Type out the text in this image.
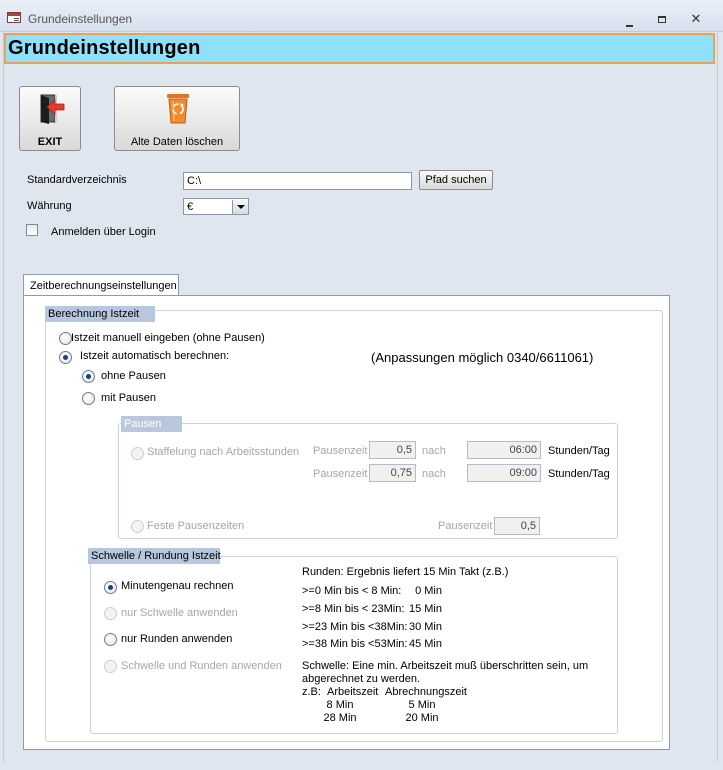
Grundeinstellungen	✕
Grundeinstellungen
EXIT	Alte Daten löschen
Standardverzeichnis	C:\	Pfad suchen
Währung	€
Anmelden über Login
Zeitberechnungseinstellungen
Berechnung Istzeit
Istzeit manuell eingeben (ohne Pausen)
Istzeit automatisch berechnen:	(Anpassungen möglich 0340/6611061)
ohne Pausen
mit Pausen
Pausen
Staffelung nach Arbeitsstunden Pausenzeit	0,5 nach	06:00	Stunden/Tag
Pausenzeit	0,75 nach	09:00	Stunden/Tag
Feste Pausenzeiten	Pausenzeit	0,5
Schwelle / Rundung Istzeit
Minutengenau rechnen
nur Schwelle anwenden
nur Runden anwenden
Schwelle und Runden anwenden
Runden: Ergebnis liefert 15 Min Takt (z.B.)
>=0 Min bis < 8 Min:	0 Min
>=8 Min bis < 23Min: 15 Min
>=23 Min bis <38Min: 30 Min
>=38 Min bis <53Min: 45 Min
Schwelle: Eine min. Arbeitszeit muß überschritten sein, um
abgerechnet zu werden.
z.B: Arbeitszeit Abrechnungszeit
8 Min	5 Min
28 Min	20 Min
